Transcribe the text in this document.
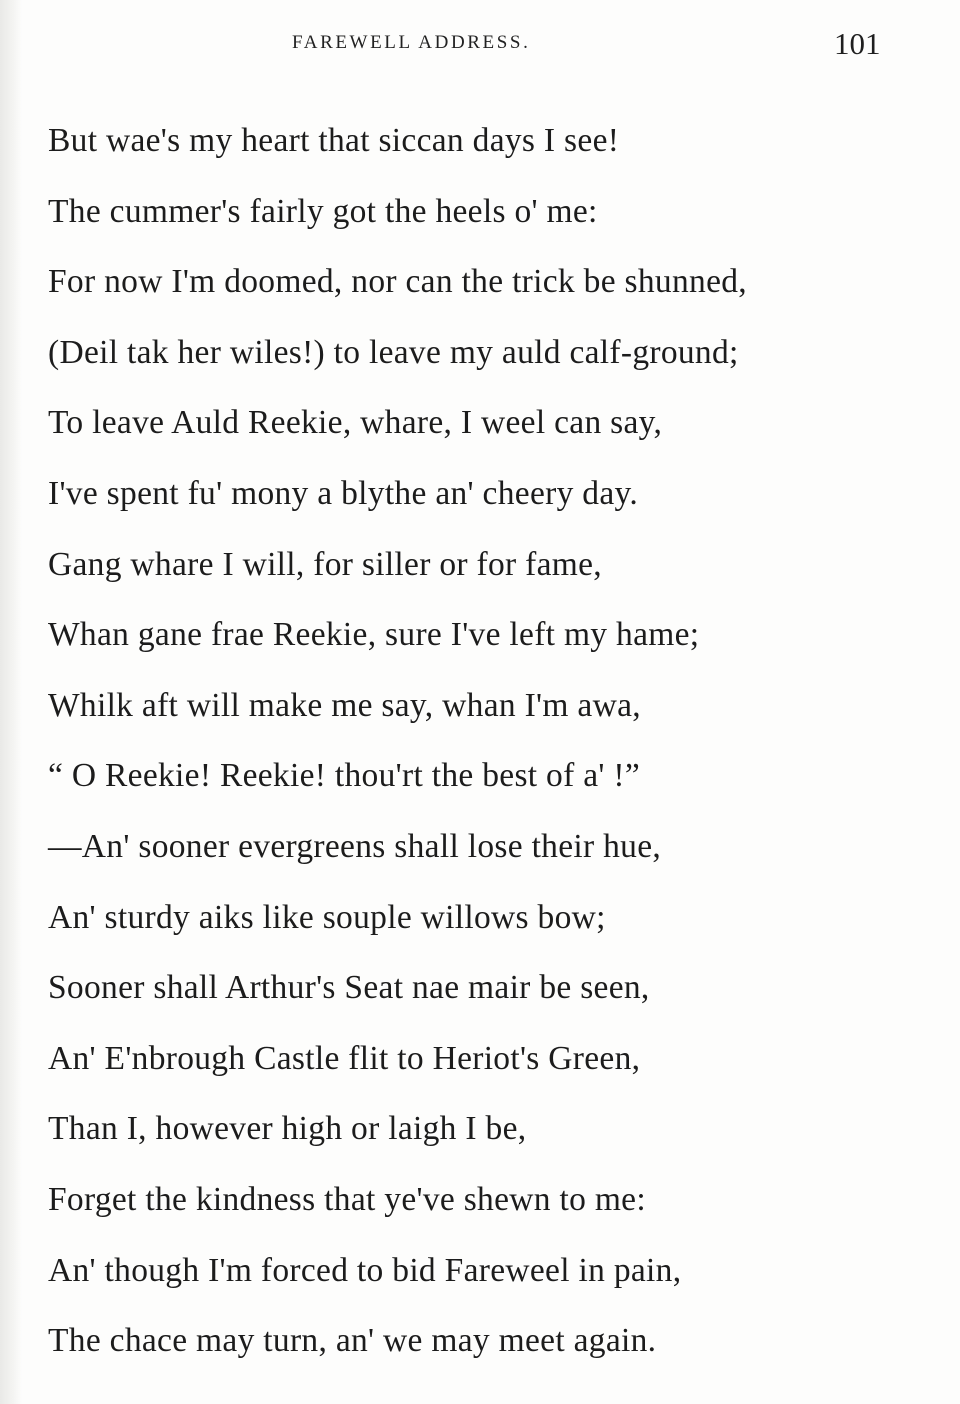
FAREWELL ADDRESS.	101
But wae's my heart that siccan days I see!
The cummer's fairly got the heels o' me:
For now I'm doomed, nor can the trick be shunned,
(Deil tak her wiles!) to leave my auld calf-ground;
To leave Auld Reekie, whare, I weel can say,
I've spent fu' mony a blythe an' cheery day.
Gang whare I will, for siller or for fame,
Whan gane frae Reekie, sure I've left my hame;
Whilk aft will make me say, whan I'm awa,
“ O Reekie! Reekie! thou'rt the best of a' !”
—An' sooner evergreens shall lose their hue,
An' sturdy aiks like souple willows bow;
Sooner shall Arthur's Seat nae mair be seen,
An' E'nbrough Castle flit to Heriot's Green,
Than I, however high or laigh I be,
Forget the kindness that ye've shewn to me:
An' though I'm forced to bid Fareweel in pain,
The chace may turn, an' we may meet again.
